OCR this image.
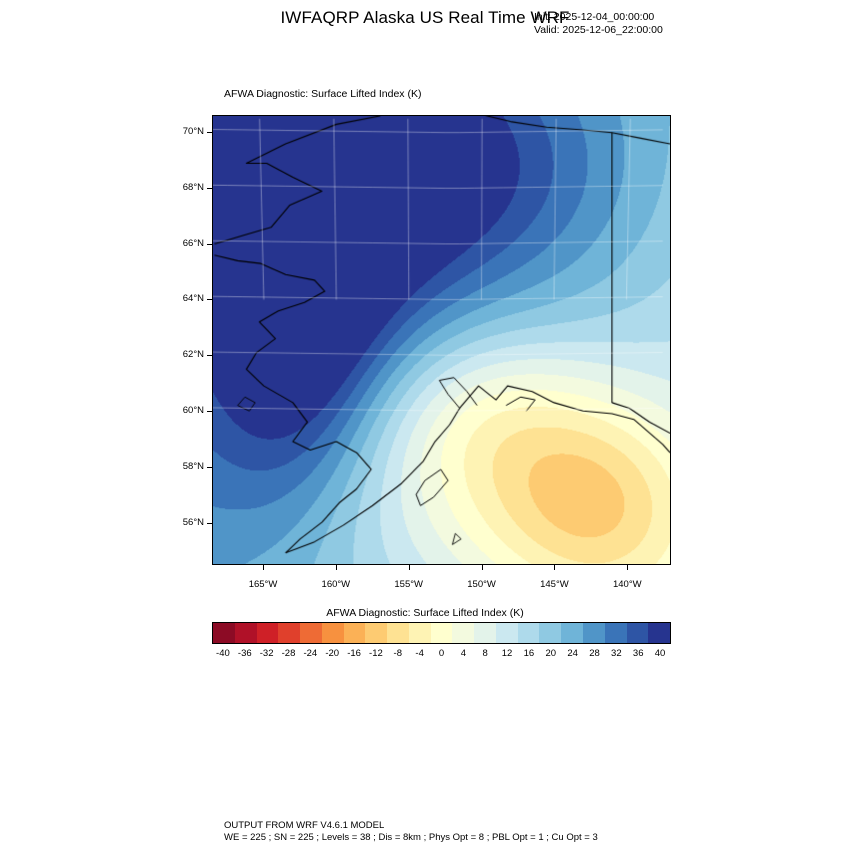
IWFAQRP Alaska US Real Time WRF
Init: 2025-12-04_00:00:00
Valid: 2025-12-06_22:00:00
AFWA Diagnostic: Surface Lifted Index (K)
56°N
58°N
60°N
62°N
64°N
66°N
68°N
70°N
165°W	160°W	155°W	150°W	145°W	140°W
AFWA Diagnostic: Surface Lifted Index (K)
-40 -36 -32 -28 -24 -20 -16 -12 -8 -4 0 4 8 12 16 20 24 28 32 36 40
OUTPUT FROM WRF V4.6.1 MODEL
WE = 225 ; SN = 225 ; Levels = 38 ; Dis = 8km ; Phys Opt = 8 ; PBL Opt = 1 ; Cu Opt = 3
